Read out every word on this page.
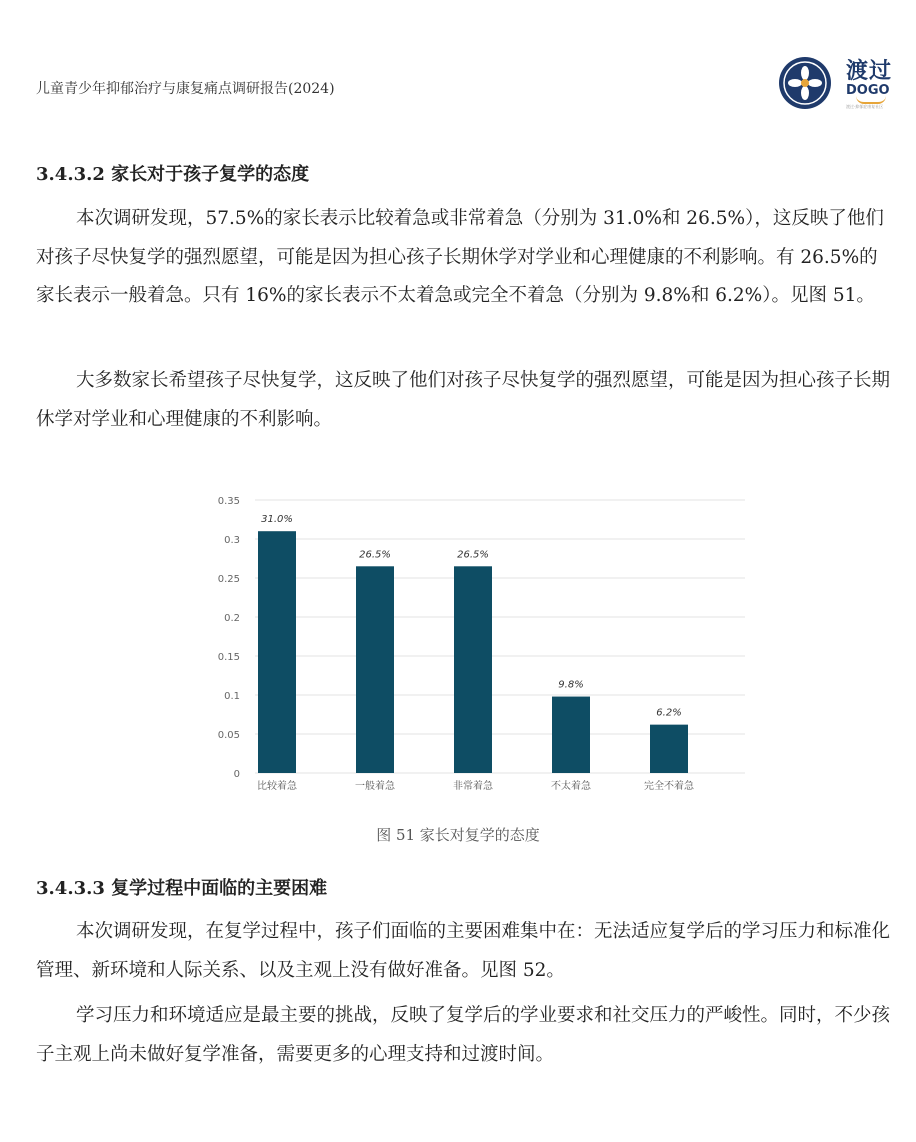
儿童青少年抑郁治疗与康复痛点调研报告(2024)
渡过
DOGO
渡过·抑郁症康复社区
3.4.3.2 家长对于孩子复学的态度

本次调研发现，57.5%的家长表示比较着急或非常着急（分别为 31.0%和 26.5%），这反映了他们对孩子尽快复学的强烈愿望，可能是因为担心孩子长期休学对学业和心理健康的不利影响。有 26.5%的家长表示一般着急。只有 16%的家长表示不太着急或完全不着急（分别为 9.8%和 6.2%）。见图 51。

大多数家长希望孩子尽快复学，这反映了他们对孩子尽快复学的强烈愿望，可能是因为担心孩子长期休学对学业和心理健康的不利影响。

0
0.05
0.1
0.15
0.2
0.25
0.3
0.35
31.0%
比较着急
26.5%
一般着急
26.5%
非常着急
9.8%
不太着急
6.2%
完全不着急
图 51 家长对复学的态度
3.4.3.3 复学过程中面临的主要困难

本次调研发现，在复学过程中，孩子们面临的主要困难集中在：无法适应复学后的学习压力和标准化管理、新环境和人际关系、以及主观上没有做好准备。见图 52。

学习压力和环境适应是最主要的挑战，反映了复学后的学业要求和社交压力的严峻性。同时，不少孩子主观上尚未做好复学准备，需要更多的心理支持和过渡时间。
